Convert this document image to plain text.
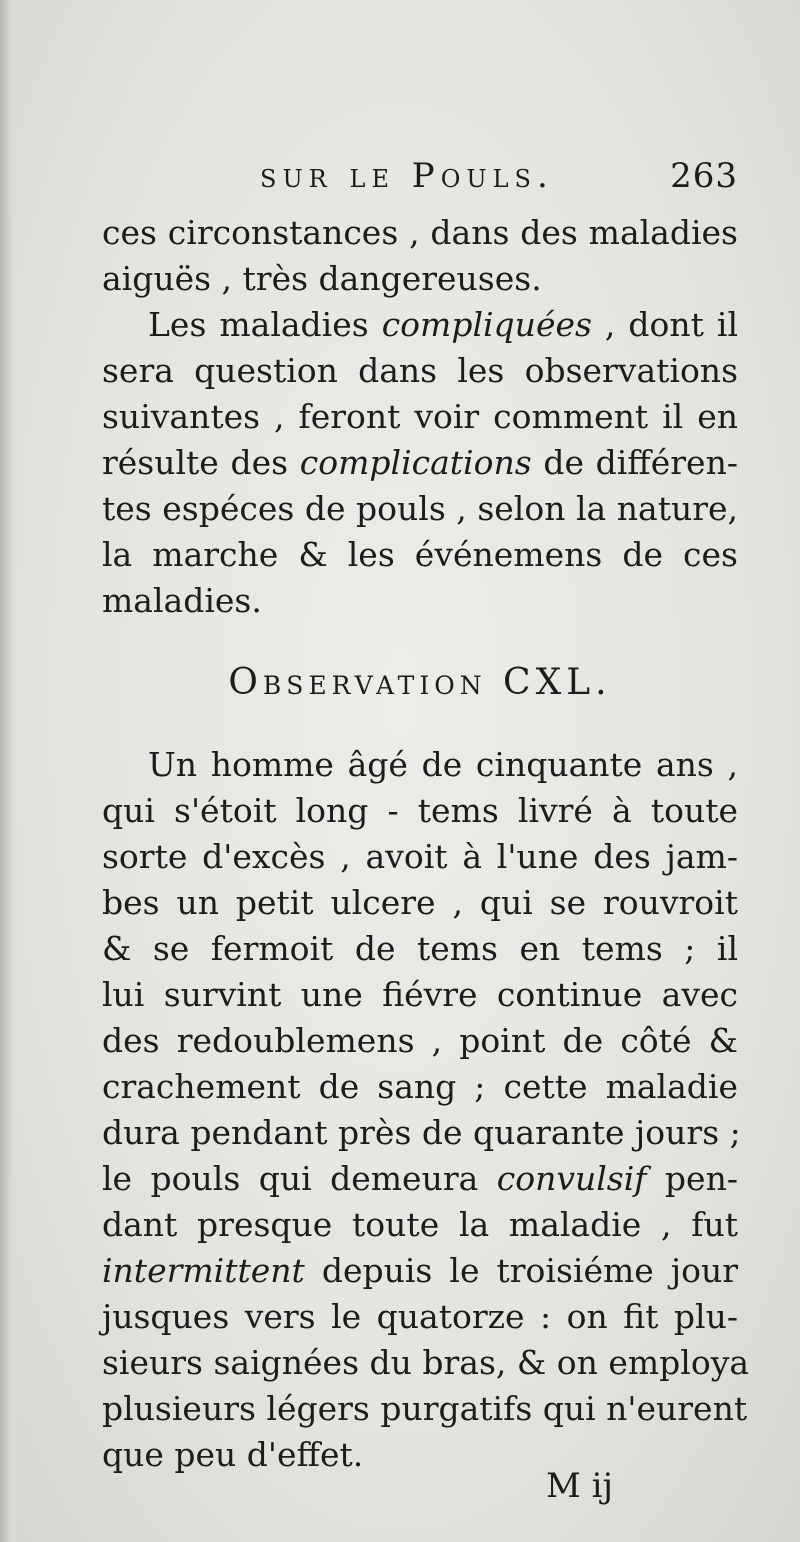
sur le Pouls.	263

ces circonstances , dans des maladies
aiguës , très dangereuses.

Les maladies compliquées , dont il
sera question dans les observations
suivantes , feront voir comment il en
résulte des complications de différen-
tes espéces de pouls , selon la nature,
la marche & les événemens de ces
maladies.

Observation CXL.

Un homme âgé de cinquante ans ,
qui s'étoit long - tems livré à toute
sorte d'excès , avoit à l'une des jam-
bes un petit ulcere , qui se rouvroit
& se fermoit de tems en tems ; il
lui survint une fiévre continue avec
des redoublemens , point de côté &
crachement de sang ; cette maladie
dura pendant près de quarante jours ;
le pouls qui demeura convulsif pen-
dant presque toute la maladie , fut
intermittent depuis le troisiéme jour
jusques vers le quatorze : on fit plu-
sieurs saignées du bras, & on employa
plusieurs légers purgatifs qui n'eurent
que peu d'effet.

M ij
